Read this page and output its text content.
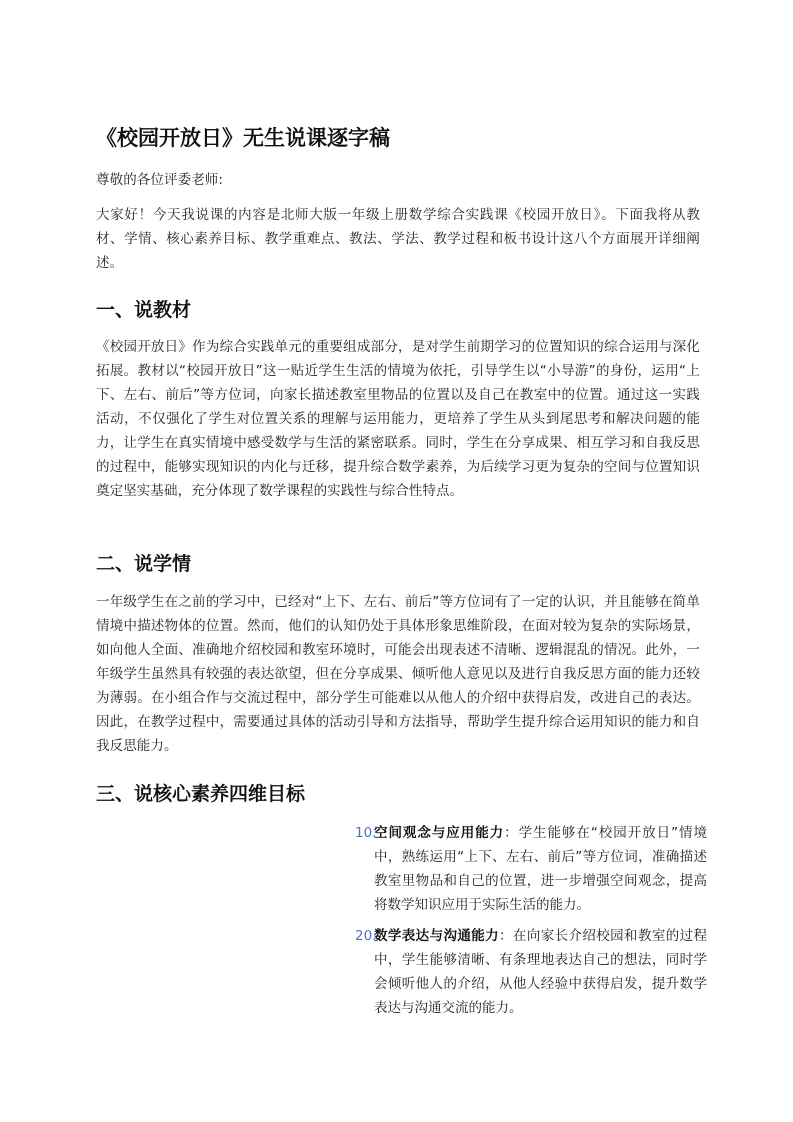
《校园开放日》无生说课逐字稿

尊敬的各位评委老师:

大家好！今天我说课的内容是北师大版一年级上册数学综合实践课《校园开放日》。下面我将从教材、学情、核心素养目标、教学重难点、教法、学法、教学过程和板书设计这八个方面展开详细阐述。

一、说教材

《校园开放日》作为综合实践单元的重要组成部分，是对学生前期学习的位置知识的综合运用与深化拓展。教材以“校园开放日”这一贴近学生生活的情境为依托，引导学生以“小导游”的身份，运用“上下、左右、前后”等方位词，向家长描述教室里物品的位置以及自己在教室中的位置。通过这一实践活动，不仅强化了学生对位置关系的理解与运用能力，更培养了学生从头到尾思考和解决问题的能力，让学生在真实情境中感受数学与生活的紧密联系。同时，学生在分享成果、相互学习和自我反思的过程中，能够实现知识的内化与迁移，提升综合数学素养，为后续学习更为复杂的空间与位置知识奠定坚实基础，充分体现了数学课程的实践性与综合性特点。

二、说学情

一年级学生在之前的学习中，已经对“上下、左右、前后”等方位词有了一定的认识，并且能够在简单情境中描述物体的位置。然而，他们的认知仍处于具体形象思维阶段，在面对较为复杂的实际场景，如向他人全面、准确地介绍校园和教室环境时，可能会出现表述不清晰、逻辑混乱的情况。此外，一年级学生虽然具有较强的表达欲望，但在分享成果、倾听他人意见以及进行自我反思方面的能力还较为薄弱。在小组合作与交流过程中，部分学生可能难以从他人的介绍中获得启发，改进自己的表达。因此，在教学过程中，需要通过具体的活动引导和方法指导，帮助学生提升综合运用知识的能力和自我反思能力。

三、说核心素养四维目标
10.
空间观念与应用能力：学生能够在“校园开放日”情境中，熟练运用“上下、左右、前后”等方位词，准确描述教室里物品和自己的位置，进一步增强空间观念，提高将数学知识应用于实际生活的能力。
20.
数学表达与沟通能力：在向家长介绍校园和教室的过程中，学生能够清晰、有条理地表达自己的想法，同时学会倾听他人的介绍，从他人经验中获得启发，提升数学表达与沟通交流的能力。
